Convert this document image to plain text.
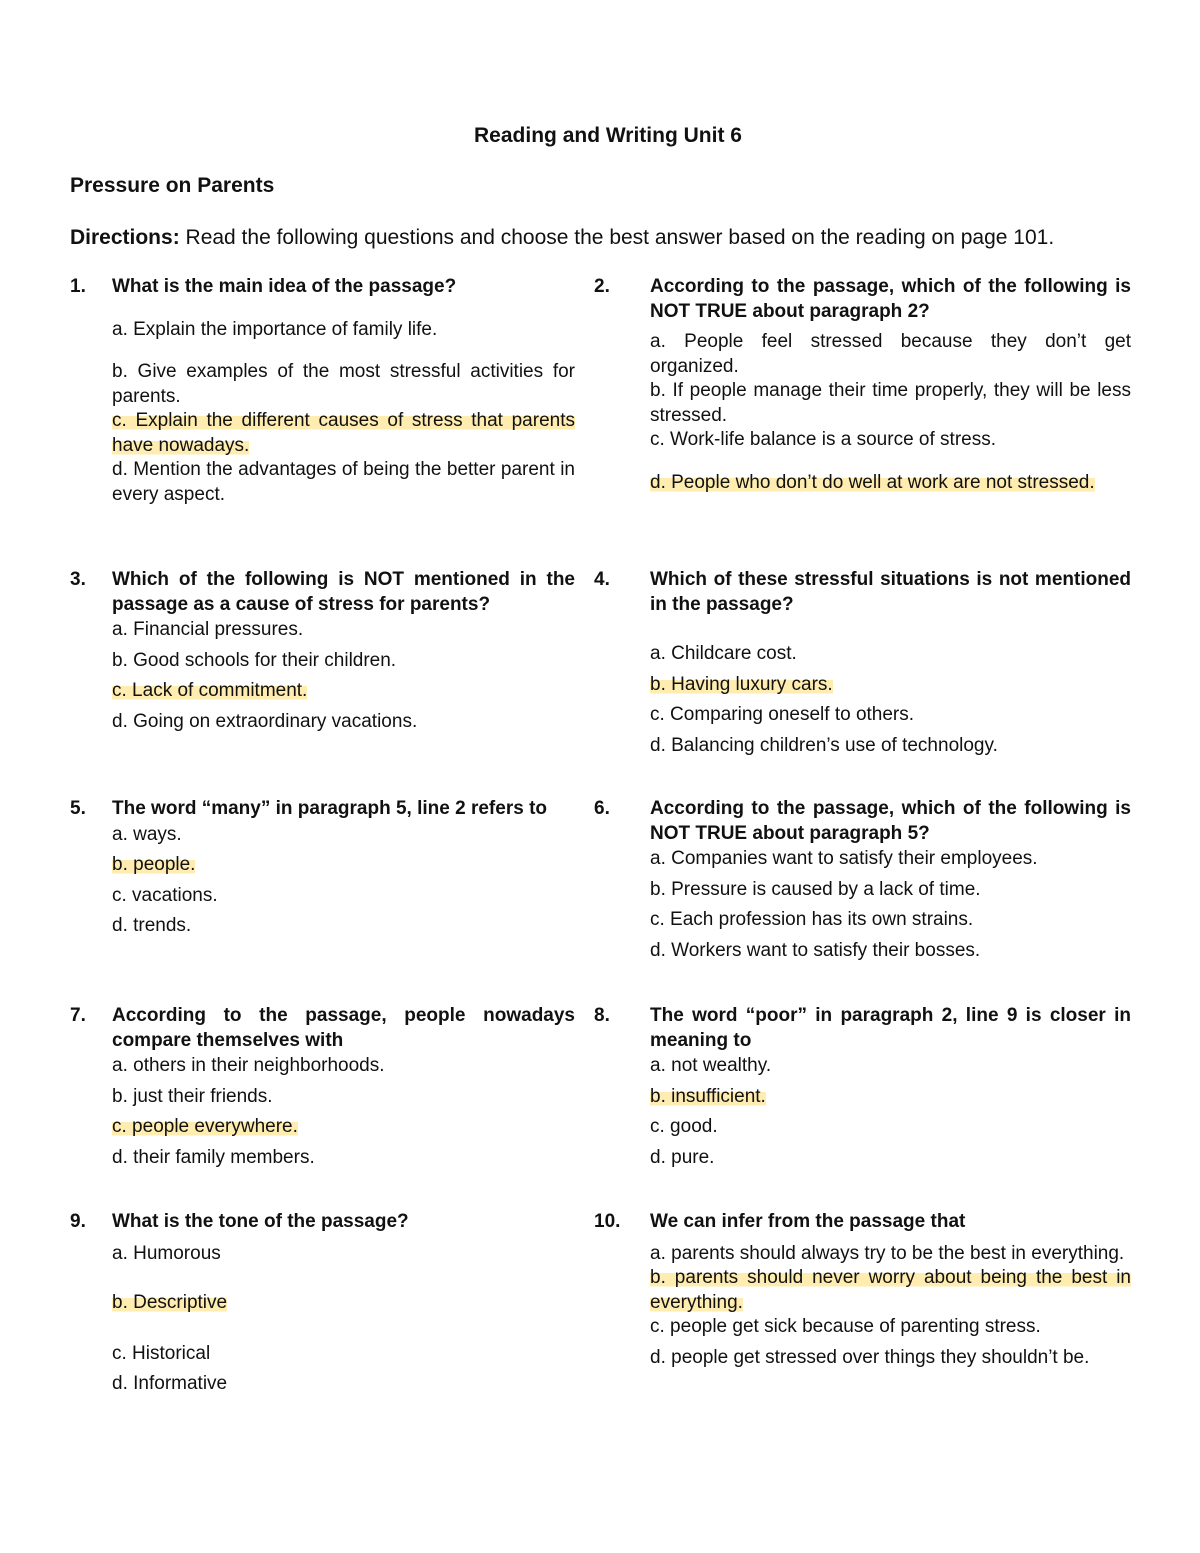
Reading and Writing Unit 6
Pressure on Parents
Directions: Read the following questions and choose the best answer based on the reading on page 101.
1. What is the main idea of the passage?
a. Explain the importance of family life.
b. Give examples of the most stressful activities for parents.
c. Explain the different causes of stress that parents have nowadays.
d. Mention the advantages of being the better parent in every aspect.
2. According to the passage, which of the following is NOT TRUE about paragraph 2?
a. People feel stressed because they don’t get organized.
b. If people manage their time properly, they will be less stressed.
c. Work-life balance is a source of stress.
d. People who don’t do well at work are not stressed.
3. Which of the following is NOT mentioned in the passage as a cause of stress for parents?
a. Financial pressures.
b. Good schools for their children.
c. Lack of commitment.
d. Going on extraordinary vacations.
4. Which of these stressful situations is not mentioned in the passage?
a. Childcare cost.
b. Having luxury cars.
c. Comparing oneself to others.
d. Balancing children’s use of technology.
5. The word “many” in paragraph 5, line 2 refers to
a. ways.
b. people.
c. vacations.
d. trends.
6. According to the passage, which of the following is NOT TRUE about paragraph 5?
a. Companies want to satisfy their employees.
b. Pressure is caused by a lack of time.
c. Each profession has its own strains.
d. Workers want to satisfy their bosses.
7. According to the passage, people nowadays compare themselves with
a. others in their neighborhoods.
b. just their friends.
c. people everywhere.
d. their family members.
8. The word “poor” in paragraph 2, line 9 is closer in meaning to
a. not wealthy.
b. insufficient.
c. good.
d. pure.
9. What is the tone of the passage?
a. Humorous
b. Descriptive
c. Historical
d. Informative
10. We can infer from the passage that
a. parents should always try to be the best in everything.
b. parents should never worry about being the best in everything.
c. people get sick because of parenting stress.
d. people get stressed over things they shouldn’t be.
